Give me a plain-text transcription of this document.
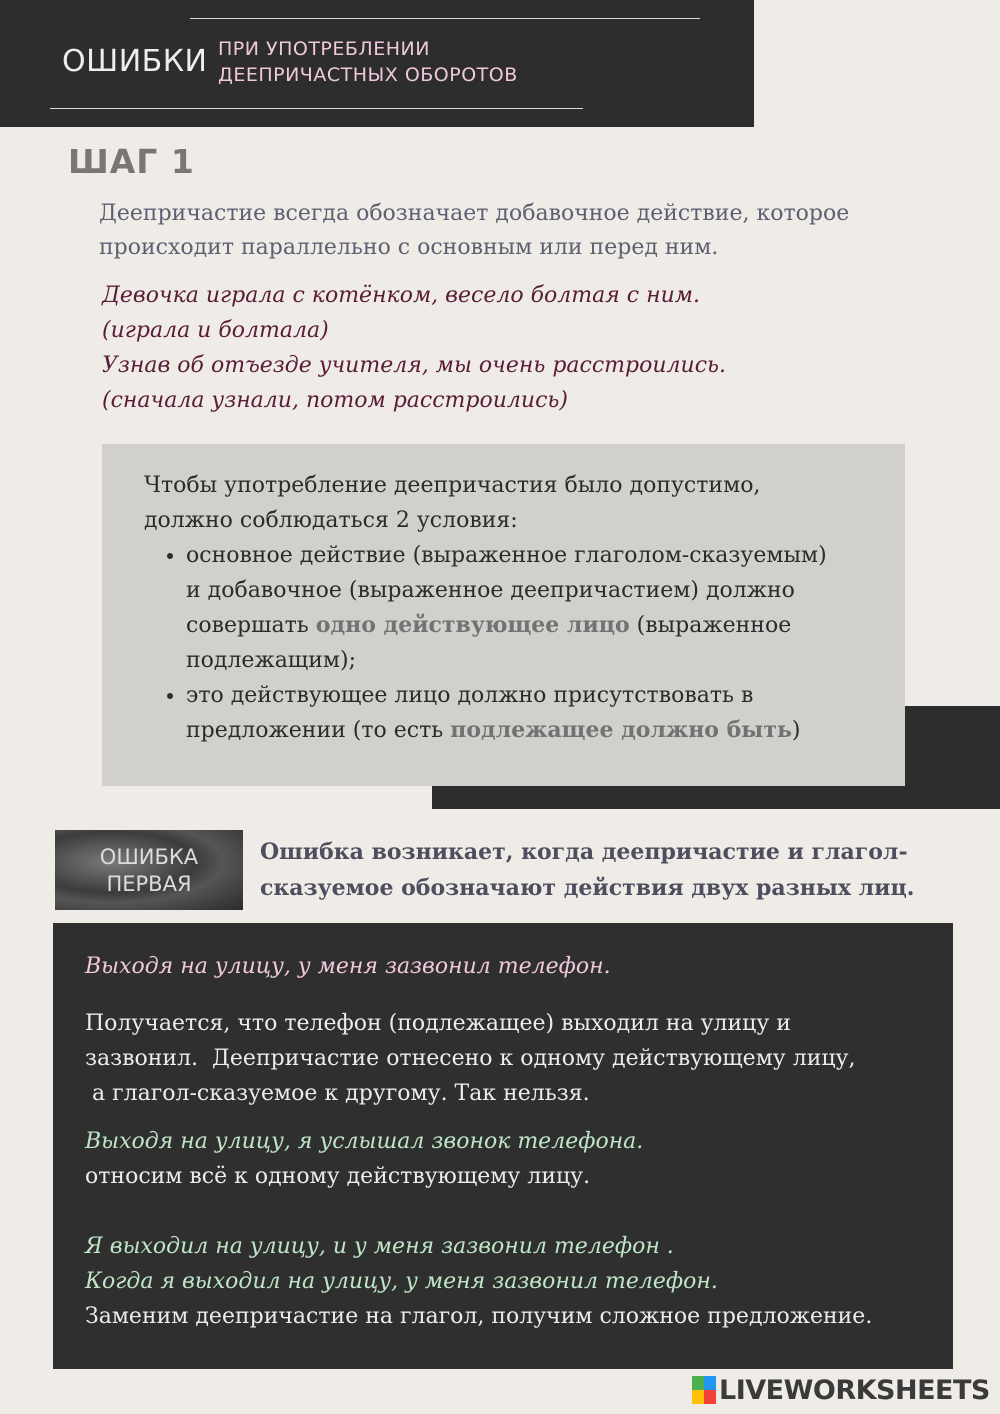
ОШИБКИ ПРИ УПОТРЕБЛЕНИИ
ДЕЕПРИЧАСТНЫХ ОБОРОТОВ
ШАГ 1
Деепричастие всегда обозначает добавочное действие, которое
происходит параллельно с основным или перед ним.
Девочка играла с котёнком, весело болтая с ним.
(играла и болтала)
Узнав об отъезде учителя, мы очень расстроились.
(сначала узнали, потом расстроились)
Чтобы употребление деепричастия было допустимо,
должно соблюдаться 2 условия:
• основное действие (выраженное глаголом-сказуемым)
и добавочное (выраженное деепричастием) должно
совершать одно действующее лицо (выраженное
подлежащим);
• это действующее лицо должно присутствовать в
предложении (то есть подлежащее должно быть)
ОШИБКА
ПЕРВАЯ
Ошибка возникает, когда деепричастие и глагол-
сказуемое обозначают действия двух разных лиц.
Выходя на улицу, у меня зазвонил телефон.
Получается, что телефон (подлежащее) выходил на улицу и
зазвонил.  Деепричастие отнесено к одному действующему лицу,
а глагол-сказуемое к другому. Так нельзя.
Выходя на улицу, я услышал звонок телефона.
относим всё к одному действующему лицу.
Я выходил на улицу, и у меня зазвонил телефон .
Когда я выходил на улицу, у меня зазвонил телефон.
Заменим деепричастие на глагол, получим сложное предложение.
LIVEWORKSHEETS
